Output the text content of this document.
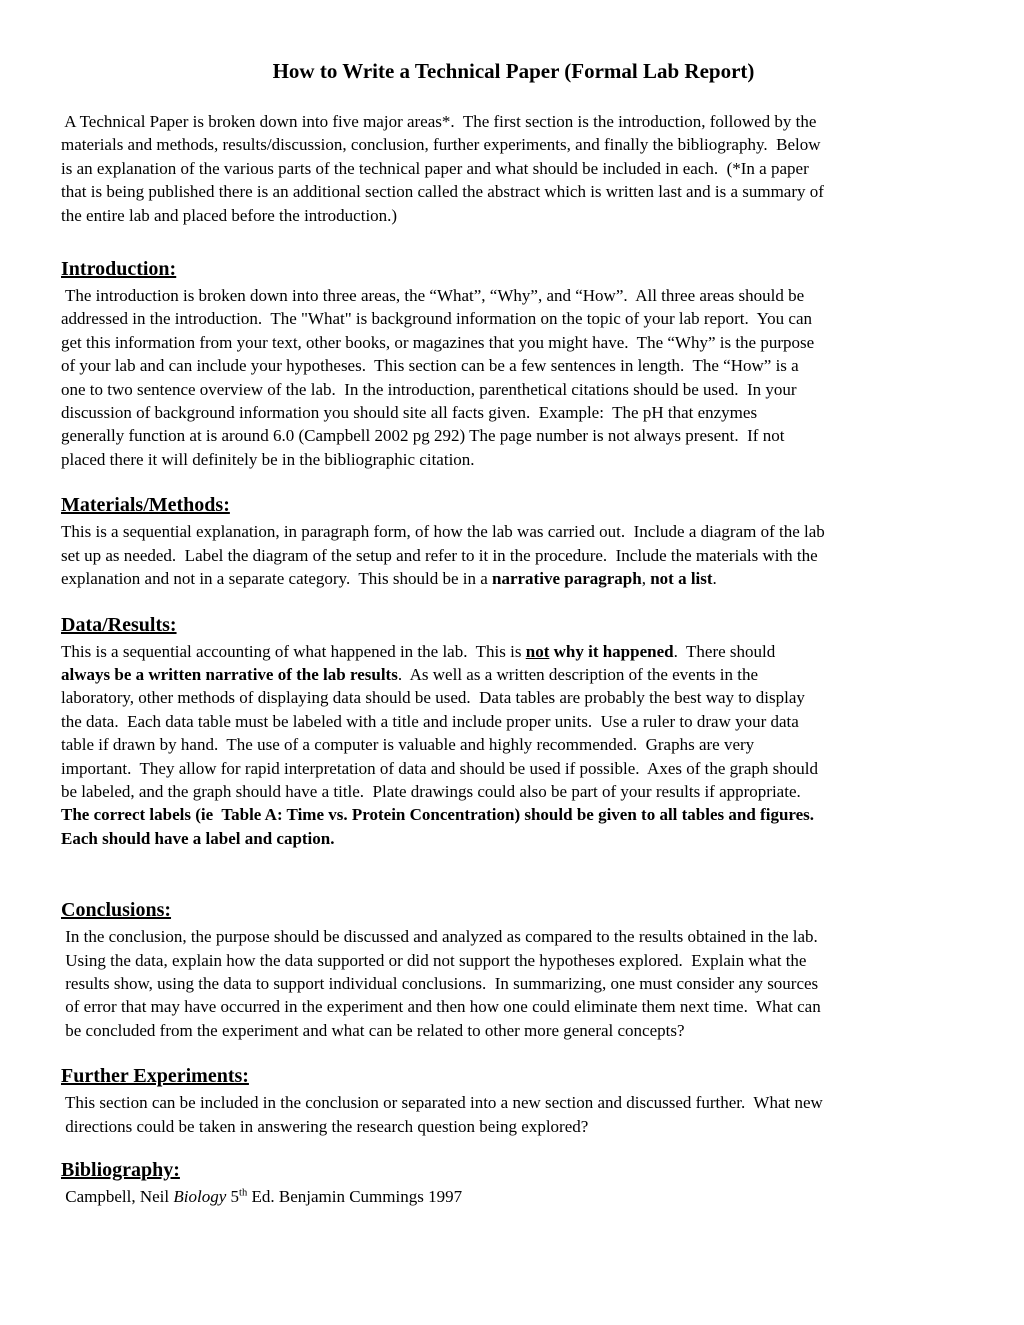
How to Write a Technical Paper (Formal Lab Report)

A Technical Paper is broken down into five major areas*.  The first section is the introduction, followed by the
materials and methods, results/discussion, conclusion, further experiments, and finally the bibliography.  Below
is an explanation of the various parts of the technical paper and what should be included in each.  (*In a paper
that is being published there is an additional section called the abstract which is written last and is a summary of
the entire lab and placed before the introduction.)

Introduction:

The introduction is broken down into three areas, the “What”, “Why”, and “How”.  All three areas should be
addressed in the introduction.  The "What" is background information on the topic of your lab report.  You can
get this information from your text, other books, or magazines that you might have.  The “Why” is the purpose
of your lab and can include your hypotheses.  This section can be a few sentences in length.  The “How” is a
one to two sentence overview of the lab.  In the introduction, parenthetical citations should be used.  In your
discussion of background information you should site all facts given.  Example:  The pH that enzymes
generally function at is around 6.0 (Campbell 2002 pg 292) The page number is not always present.  If not
placed there it will definitely be in the bibliographic citation.

Materials/Methods:

This is a sequential explanation, in paragraph form, of how the lab was carried out.  Include a diagram of the lab
set up as needed.  Label the diagram of the setup and refer to it in the procedure.  Include the materials with the
explanation and not in a separate category.  This should be in a narrative paragraph, not a list.

Data/Results:

This is a sequential accounting of what happened in the lab.  This is not why it happened.  There should
always be a written narrative of the lab results.  As well as a written description of the events in the
laboratory, other methods of displaying data should be used.  Data tables are probably the best way to display
the data.  Each data table must be labeled with a title and include proper units.  Use a ruler to draw your data
table if drawn by hand.  The use of a computer is valuable and highly recommended.  Graphs are very
important.  They allow for rapid interpretation of data and should be used if possible.  Axes of the graph should
be labeled, and the graph should have a title.  Plate drawings could also be part of your results if appropriate.
The correct labels (ie  Table A: Time vs. Protein Concentration) should be given to all tables and figures.
Each should have a label and caption.

Conclusions:

In the conclusion, the purpose should be discussed and analyzed as compared to the results obtained in the lab.
Using the data, explain how the data supported or did not support the hypotheses explored.  Explain what the
results show, using the data to support individual conclusions.  In summarizing, one must consider any sources
of error that may have occurred in the experiment and then how one could eliminate them next time.  What can
be concluded from the experiment and what can be related to other more general concepts?

Further Experiments:

This section can be included in the conclusion or separated into a new section and discussed further.  What new
directions could be taken in answering the research question being explored?

Bibliography:

Campbell, Neil Biology 5th Ed. Benjamin Cummings 1997
